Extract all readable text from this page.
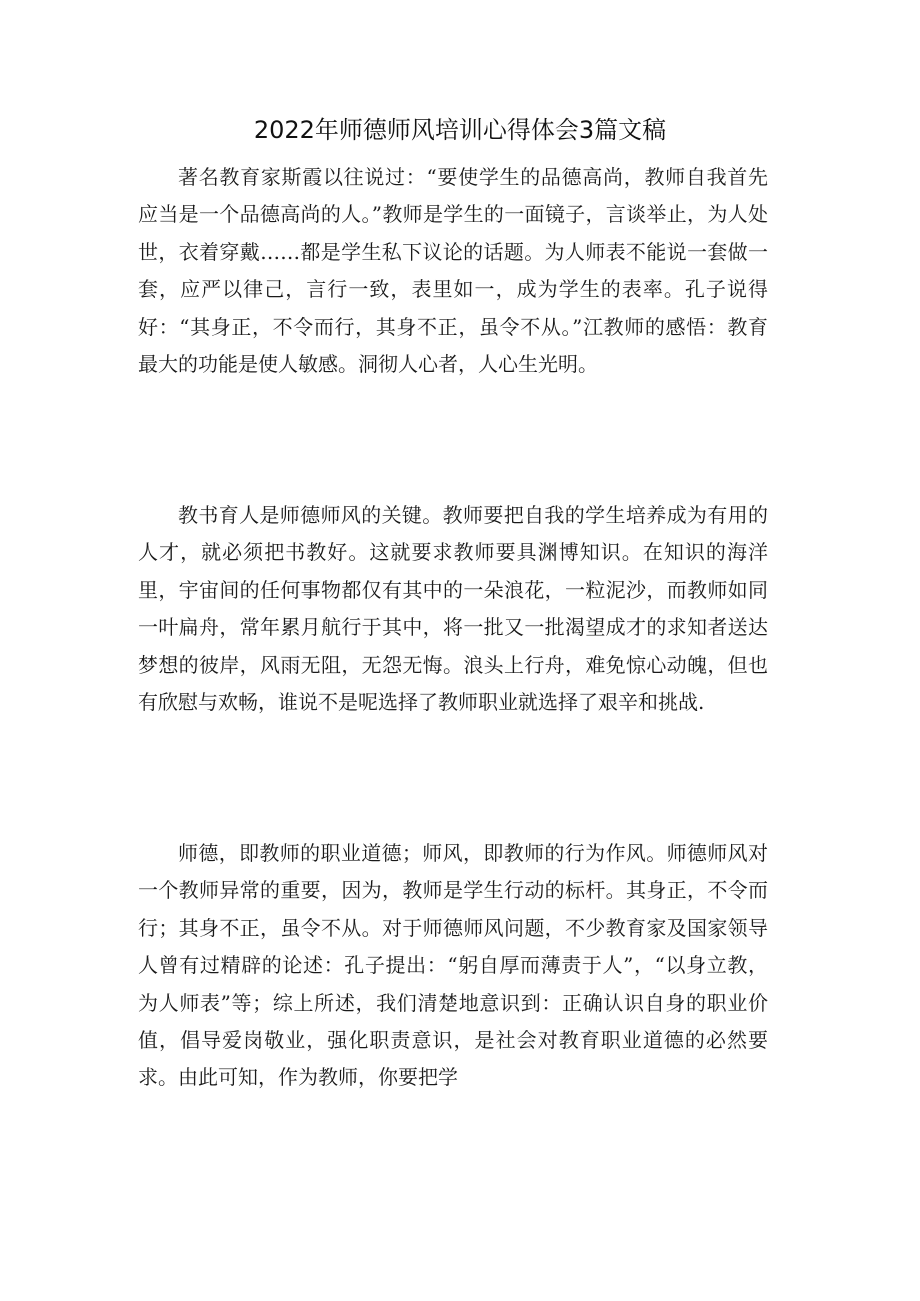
2022年师德师风培训心得体会3篇文稿

著名教育家斯霞以往说过：“要使学生的品德高尚，教师自我首先应当是一个品德高尚的人。”教师是学生的一面镜子，言谈举止，为人处世，衣着穿戴……都是学生私下议论的话题。为人师表不能说一套做一套，应严以律己，言行一致，表里如一，成为学生的表率。孔子说得好：“其身正，不令而行，其身不正，虽令不从。”江教师的感悟：教育最大的功能是使人敏感。洞彻人心者，人心生光明。

教书育人是师德师风的关键。教师要把自我的学生培养成为有用的人才，就必须把书教好。这就要求教师要具渊博知识。在知识的海洋里，宇宙间的任何事物都仅有其中的一朵浪花，一粒泥沙，而教师如同一叶扁舟，常年累月航行于其中，将一批又一批渴望成才的求知者送达梦想的彼岸，风雨无阻，无怨无悔。浪头上行舟，难免惊心动魄，但也有欣慰与欢畅，谁说不是呢选择了教师职业就选择了艰辛和挑战.

师德，即教师的职业道德；师风，即教师的行为作风。师德师风对一个教师异常的重要，因为，教师是学生行动的标杆。其身正，不令而行；其身不正，虽令不从。对于师德师风问题，不少教育家及国家领导人曾有过精辟的论述：孔子提出：“躬自厚而薄责于人”，“以身立教，为人师表”等；综上所述，我们清楚地意识到：正确认识自身的职业价值，倡导爱岗敬业，强化职责意识，是社会对教育职业道德的必然要求。由此可知，作为教师，你要把学
